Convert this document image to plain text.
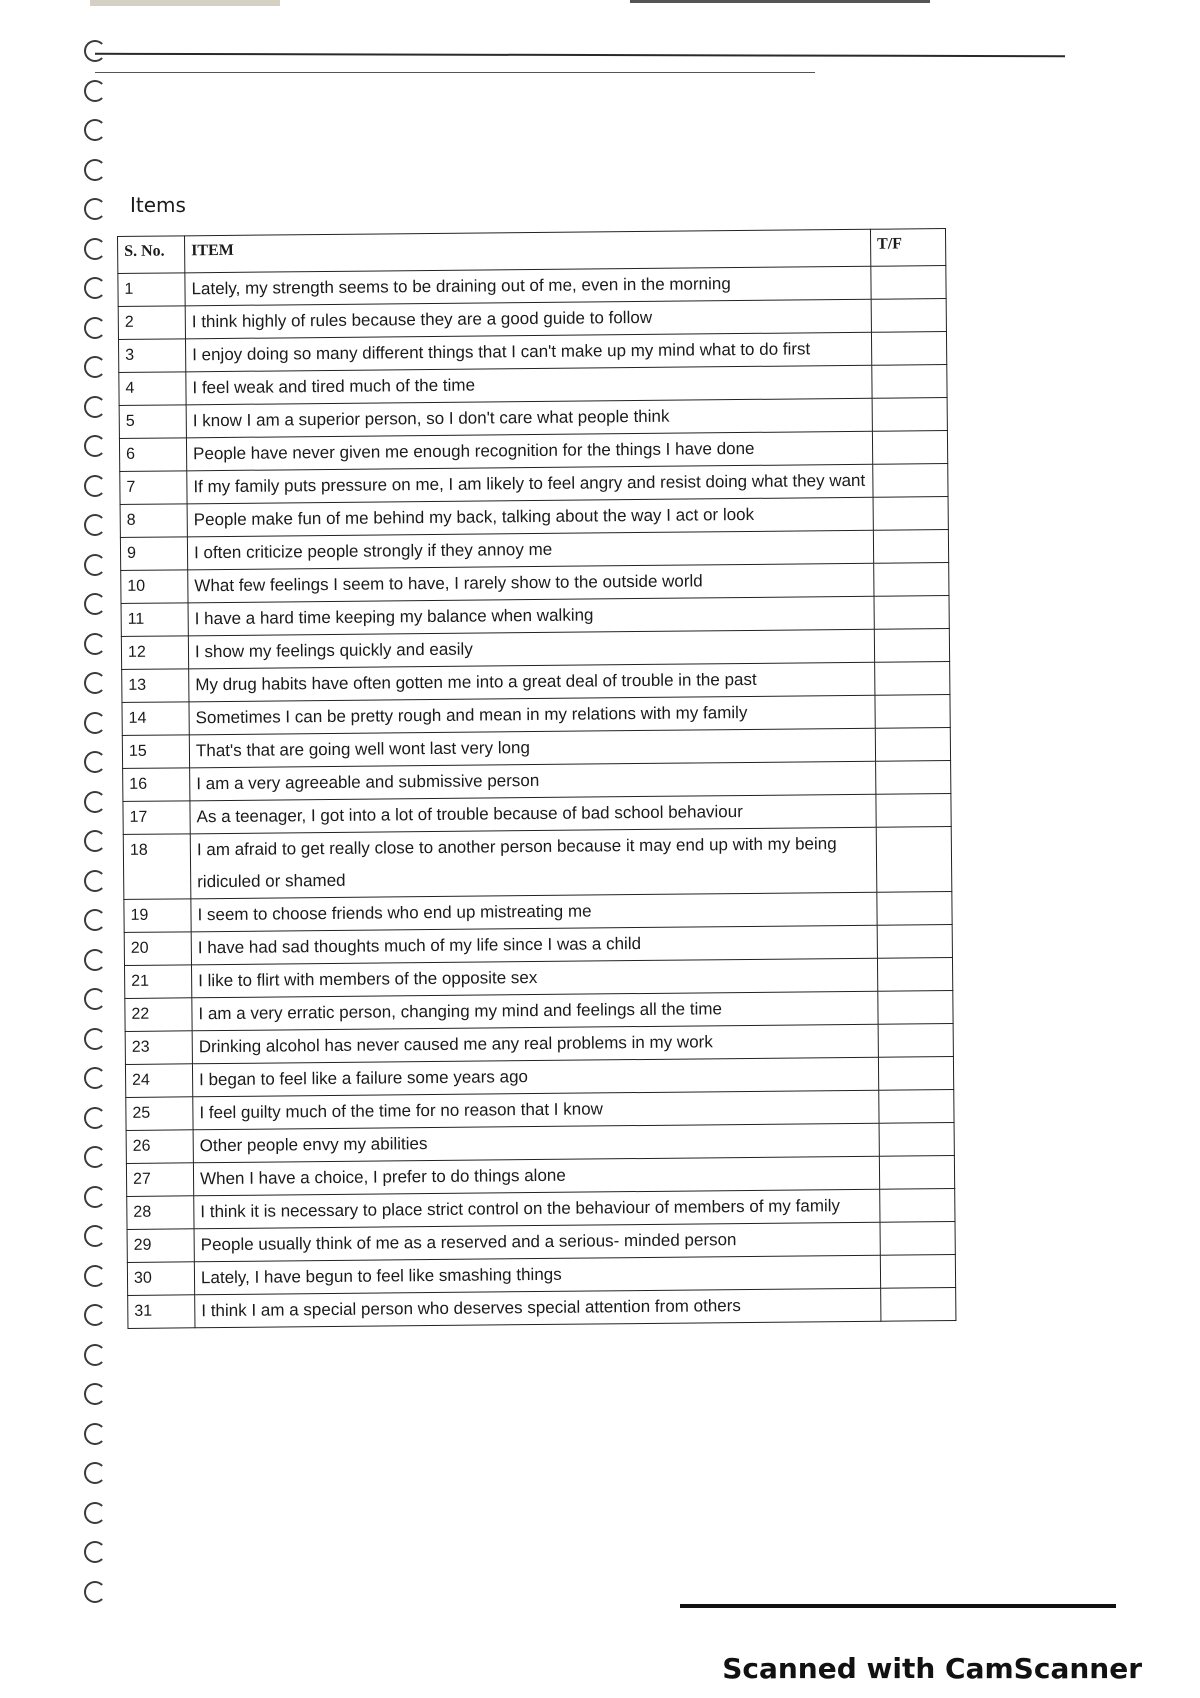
Items
S. No.	ITEM	T/F
1	Lately, my strength seems to be draining out of me, even in the morning	
2	I think highly of rules because they are a good guide to follow	
3	I enjoy doing so many different things that I can't make up my mind what to do first	
4	I feel weak and tired much of the time	
5	I know I am a superior person, so I don't care what people think	
6	People have never given me enough recognition for the things I have done	
7	If my family puts pressure on me, I am likely to feel angry and resist doing what they want	
8	People make fun of me behind my back, talking about the way I act or look	
9	I often criticize people strongly if they annoy me	
10	What few feelings I seem to have, I rarely show to the outside world	
11	I have a hard time keeping my balance when walking	
12	I show my feelings quickly and easily	
13	My drug habits have often gotten me into a great deal of trouble in the past	
14	Sometimes I can be pretty rough and mean in my relations with my family	
15	That's that are going well wont last very long	
16	I am a very agreeable and submissive person	
17	As a teenager, I got into a lot of trouble because of bad school behaviour	
18	I am afraid to get really close to another person because it may end up with my being ridiculed or shamed	
19	I seem to choose friends who end up mistreating me	
20	I have had sad thoughts much of my life since I was a child	
21	I like to flirt with members of the opposite sex	
22	I am a very erratic person, changing my mind and feelings all the time	
23	Drinking alcohol has never caused me any real problems in my work	
24	I began to feel like a failure some years ago	
25	I feel guilty much of the time for no reason that I know	
26	Other people envy my abilities	
27	When I have a choice, I prefer to do things alone	
28	I think it is necessary to place strict control on the behaviour of members of my family	
29	People usually think of me as a reserved and a serious- minded person	
30	Lately, I have begun to feel like smashing things	
31	I think I am a special person who deserves special attention from others	
Scanned with CamScanner
